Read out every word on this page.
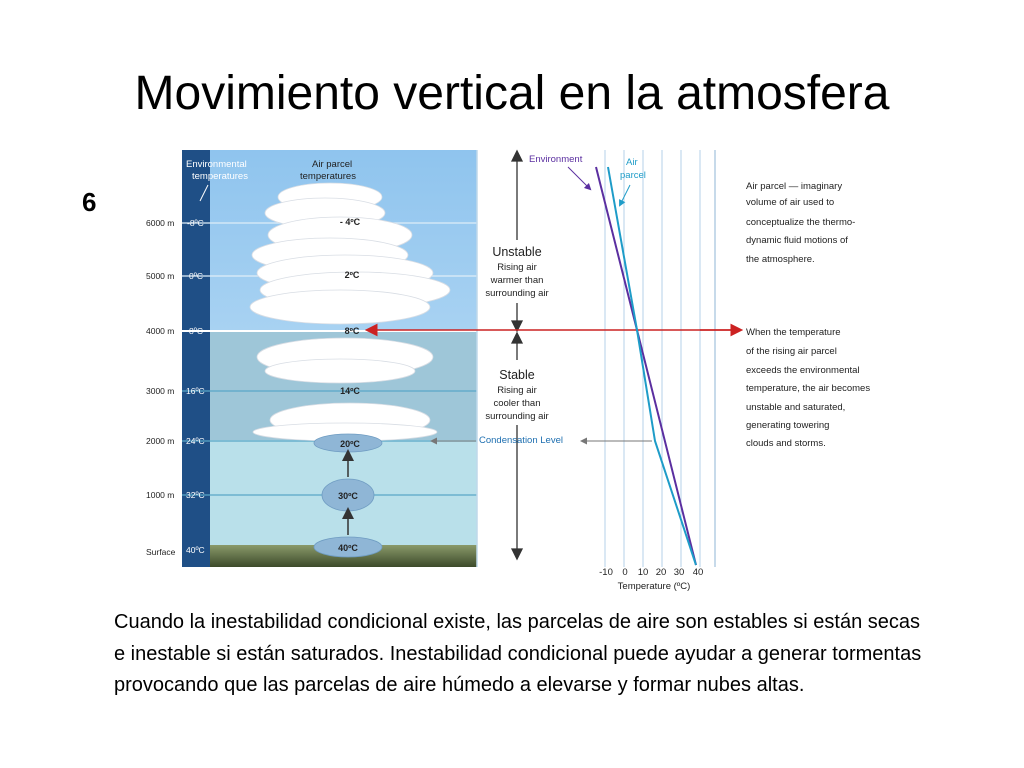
Movimiento vertical en la atmosfera
6
Environmental
temperatures
Air parcel
temperatures
6000 m
5000 m
4000 m
3000 m
2000 m
1000 m
Surface
-8ºC
0ºC
8ºC
16ºC
24ºC
32ºC
40ºC
- 4ºC
2ºC
8ºC
14ºC
20ºC
30ºC
40ºC
Unstable
Rising air
warmer than
surrounding air
Stable
Rising air
cooler than
surrounding air
Condensation Level
Environment	Air
parcel
-10 0 10 20 30 40
Temperature (ºC)
Air parcel — imaginary
volume of air used to
conceptualize the thermo-
dynamic fluid motions of
the atmosphere.
When the temperature
of the rising air parcel
exceeds the environmental
temperature, the air becomes
unstable and saturated,
generating towering
clouds and storms.
Cuando la inestabilidad condicional existe, las parcelas de aire son estables si están secas e inestable si están saturados. Inestabilidad condicional puede ayudar a generar tormentas provocando que las parcelas de aire húmedo a elevarse y formar nubes altas.
